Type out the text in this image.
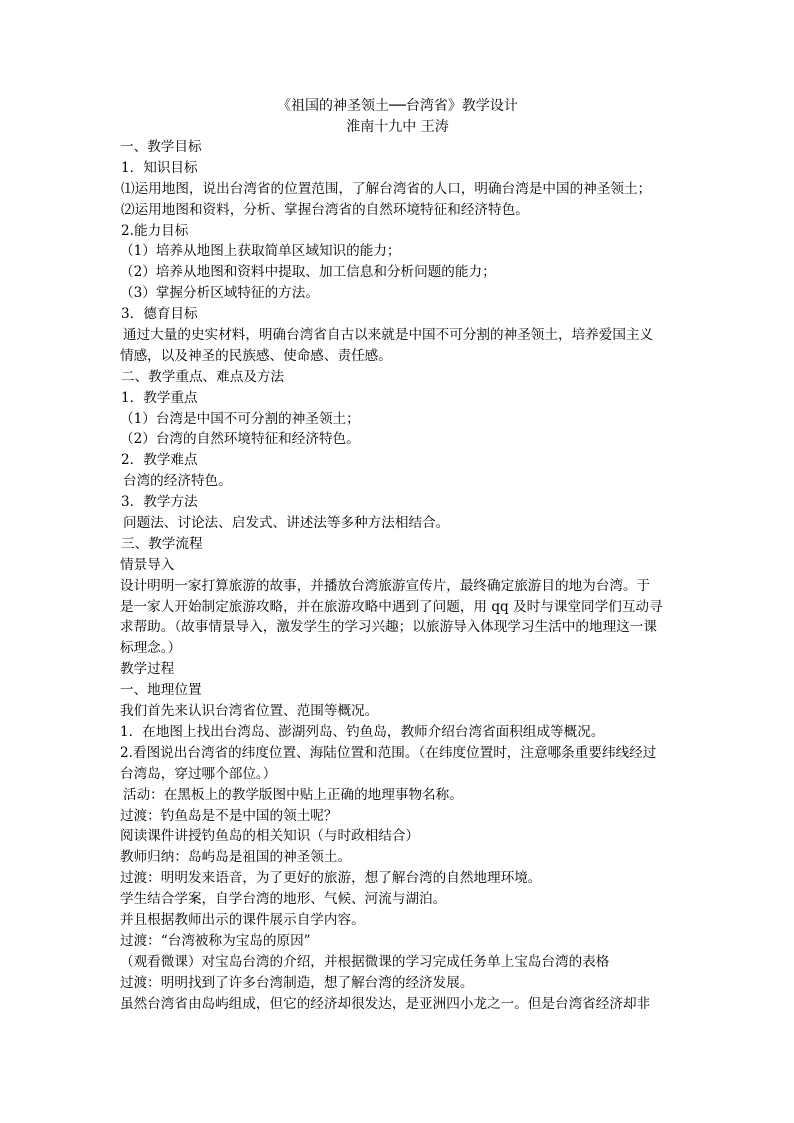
《祖国的神圣领土──台湾省》教学设计
淮南十九中 王涛
一、教学目标
1．知识目标
⑴运用地图，说出台湾省的位置范围，了解台湾省的人口，明确台湾是中国的神圣领土；
⑵运用地图和资料，分析、掌握台湾省的自然环境特征和经济特色。
2.能力目标
（1）培养从地图上获取简单区域知识的能力；
（2）培养从地图和资料中提取、加工信息和分析问题的能力；
（3）掌握分析区域特征的方法。
3．德育目标
通过大量的史实材料，明确台湾省自古以来就是中国不可分割的神圣领土，培养爱国主义
情感，以及神圣的民族感、使命感、责任感。
二、教学重点、难点及方法
1．教学重点
（1）台湾是中国不可分割的神圣领土；
（2）台湾的自然环境特征和经济特色。
2．教学难点
台湾的经济特色。
3．教学方法
问题法、讨论法、启发式、讲述法等多种方法相结合。
三、教学流程
情景导入
设计明明一家打算旅游的故事，并播放台湾旅游宣传片，最终确定旅游目的地为台湾。于
是一家人开始制定旅游攻略，并在旅游攻略中遇到了问题，用 qq 及时与课堂同学们互动寻
求帮助。（故事情景导入，激发学生的学习兴趣；以旅游导入体现学习生活中的地理这一课
标理念。）
教学过程
一、地理位置
我们首先来认识台湾省位置、范围等概况。
1．在地图上找出台湾岛、澎湖列岛、钓鱼岛，教师介绍台湾省面积组成等概况。
2.看图说出台湾省的纬度位置、海陆位置和范围。（在纬度位置时，注意哪条重要纬线经过
台湾岛，穿过哪个部位。）
活动：在黑板上的教学版图中贴上正确的地理事物名称。
过渡：钓鱼岛是不是中国的领土呢？
阅读课件讲授钓鱼岛的相关知识（与时政相结合）
教师归纳：岛屿岛是祖国的神圣领土。
过渡：明明发来语音，为了更好的旅游，想了解台湾的自然地理环境。
学生结合学案，自学台湾的地形、气候、河流与湖泊。
并且根据教师出示的课件展示自学内容。
过渡：“台湾被称为宝岛的原因”
（观看微课）对宝岛台湾的介绍，并根据微课的学习完成任务单上宝岛台湾的表格
过渡：明明找到了许多台湾制造，想了解台湾的经济发展。
虽然台湾省由岛屿组成，但它的经济却很发达，是亚洲四小龙之一。但是台湾省经济却非
